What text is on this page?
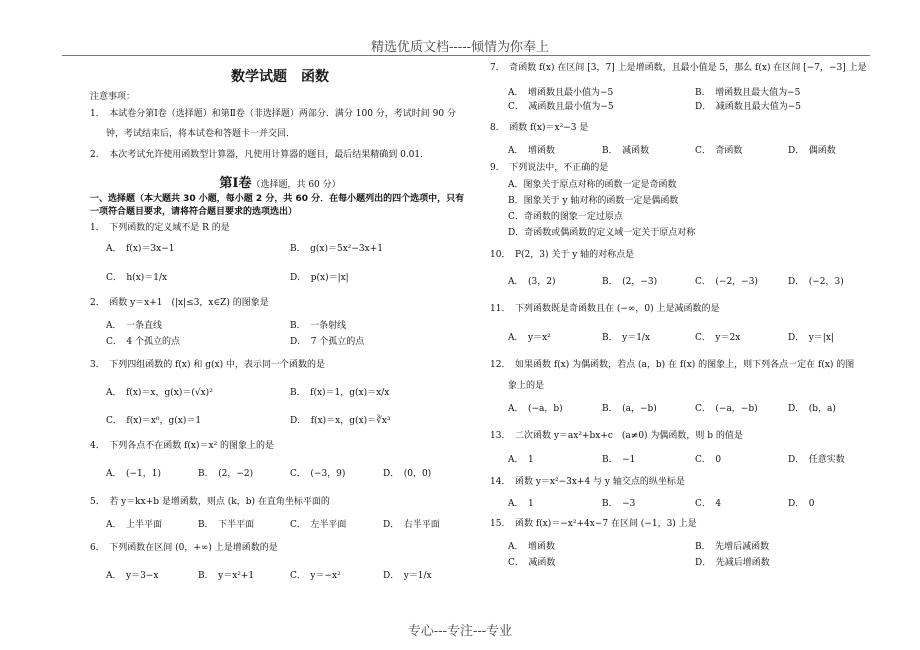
精选优质文档-----倾情为你奉上
数学试题　函数
注意事项：
1．　本试卷分第Ⅰ卷（选择题）和第Ⅱ卷（非选择题）两部分．满分 100 分，考试时间 90 分
钟，考试结束后，将本试卷和答题卡一并交回．
2．　本次考试允许使用函数型计算器，凡使用计算器的题目，最后结果精确到 0.01.
第Ⅰ卷（选择题，共 60 分）
一、选择题（本大题共 30 小题，每小题 2 分，共 60 分．在每小题列出的四个选项中，只有
一项符合题目要求，请将符合题目要求的选项选出）
1．　下列函数的定义域不是 R 的是
A．　f(x)＝3x−1	B．　g(x)＝5x²−3x+1
C．　h(x)＝1/x	D．　p(x)＝|x|
2．　函数 y＝x+1　(|x|≤3，x∈Z) 的图象是
A．　一条直线	B．　一条射线
C．　4 个孤立的点	D．　7 个孤立的点
3．　下列四组函数的 f(x) 和 g(x) 中，表示同一个函数的是
A．　f(x)＝x，g(x)＝(√x)²	B．　f(x)＝1，g(x)＝x/x
C．　f(x)＝x⁰，g(x)＝1	D．　f(x)＝x，g(x)＝∛x³
4．　下列各点不在函数 f(x)＝x² 的图象上的是
A．　(−1，1)	B．　(2，−2)	C．　(−3，9)	D．　(0，0)
5．　若 y＝kx+b 是增函数，则点 (k，b) 在直角坐标平面的
A．　上半平面	B．　下半平面	C．　左半平面	D．　右半平面
6．　下列函数在区间 (0，+∞) 上是增函数的是
A．　y＝3−x	B．　y＝x²+1	C．　y＝−x²	D．　y＝1/x
7．　奇函数 f(x) 在区间 [3，7] 上是增函数，且最小值是 5，那么 f(x) 在区间 [−7，−3] 上是
A．　增函数且最小值为−5	B．　增函数且最大值为−5
C．　减函数且最小值为−5	D．　减函数且最大值为−5
8．　函数 f(x)＝x²−3 是
A．　增函数	B．　减函数	C．　奇函数	D．　偶函数
9．　下列说法中，不正确的是
A．图象关于原点对称的函数一定是奇函数
B．图象关于 y 轴对称的函数一定是偶函数
C．奇函数的图象一定过原点
D．奇函数或偶函数的定义域一定关于原点对称
10．　P(2，3) 关于 y 轴的对称点是
A．　(3，2)	B．　(2，−3)	C．　(−2，−3)	D．　(−2，3)
11．　下列函数既是奇函数且在 (−∞，0) 上是减函数的是
A．　y＝x²	B．　y＝1/x	C．　y＝2x	D．　y＝|x|
12．　如果函数 f(x) 为偶函数，若点 (a，b) 在 f(x) 的图象上，则下列各点一定在 f(x) 的图
象上的是
A．　(−a，b)	B．　(a，−b)	C．　(−a，−b)	D．　(b，a)
13．　二次函数 y＝ax²+bx+c　(a≠0) 为偶函数，则 b 的值是
A．　1	B．　−1	C．　0	D．　任意实数
14．　函数 y＝x²−3x+4 与 y 轴交点的纵坐标是
A．　1	B．　−3	C．　4	D．　0
15．　函数 f(x)＝−x²+4x−7 在区间 (−1，3) 上是
A．　增函数	B．　先增后减函数
C．　减函数	D．　先减后增函数
专心---专注---专业
